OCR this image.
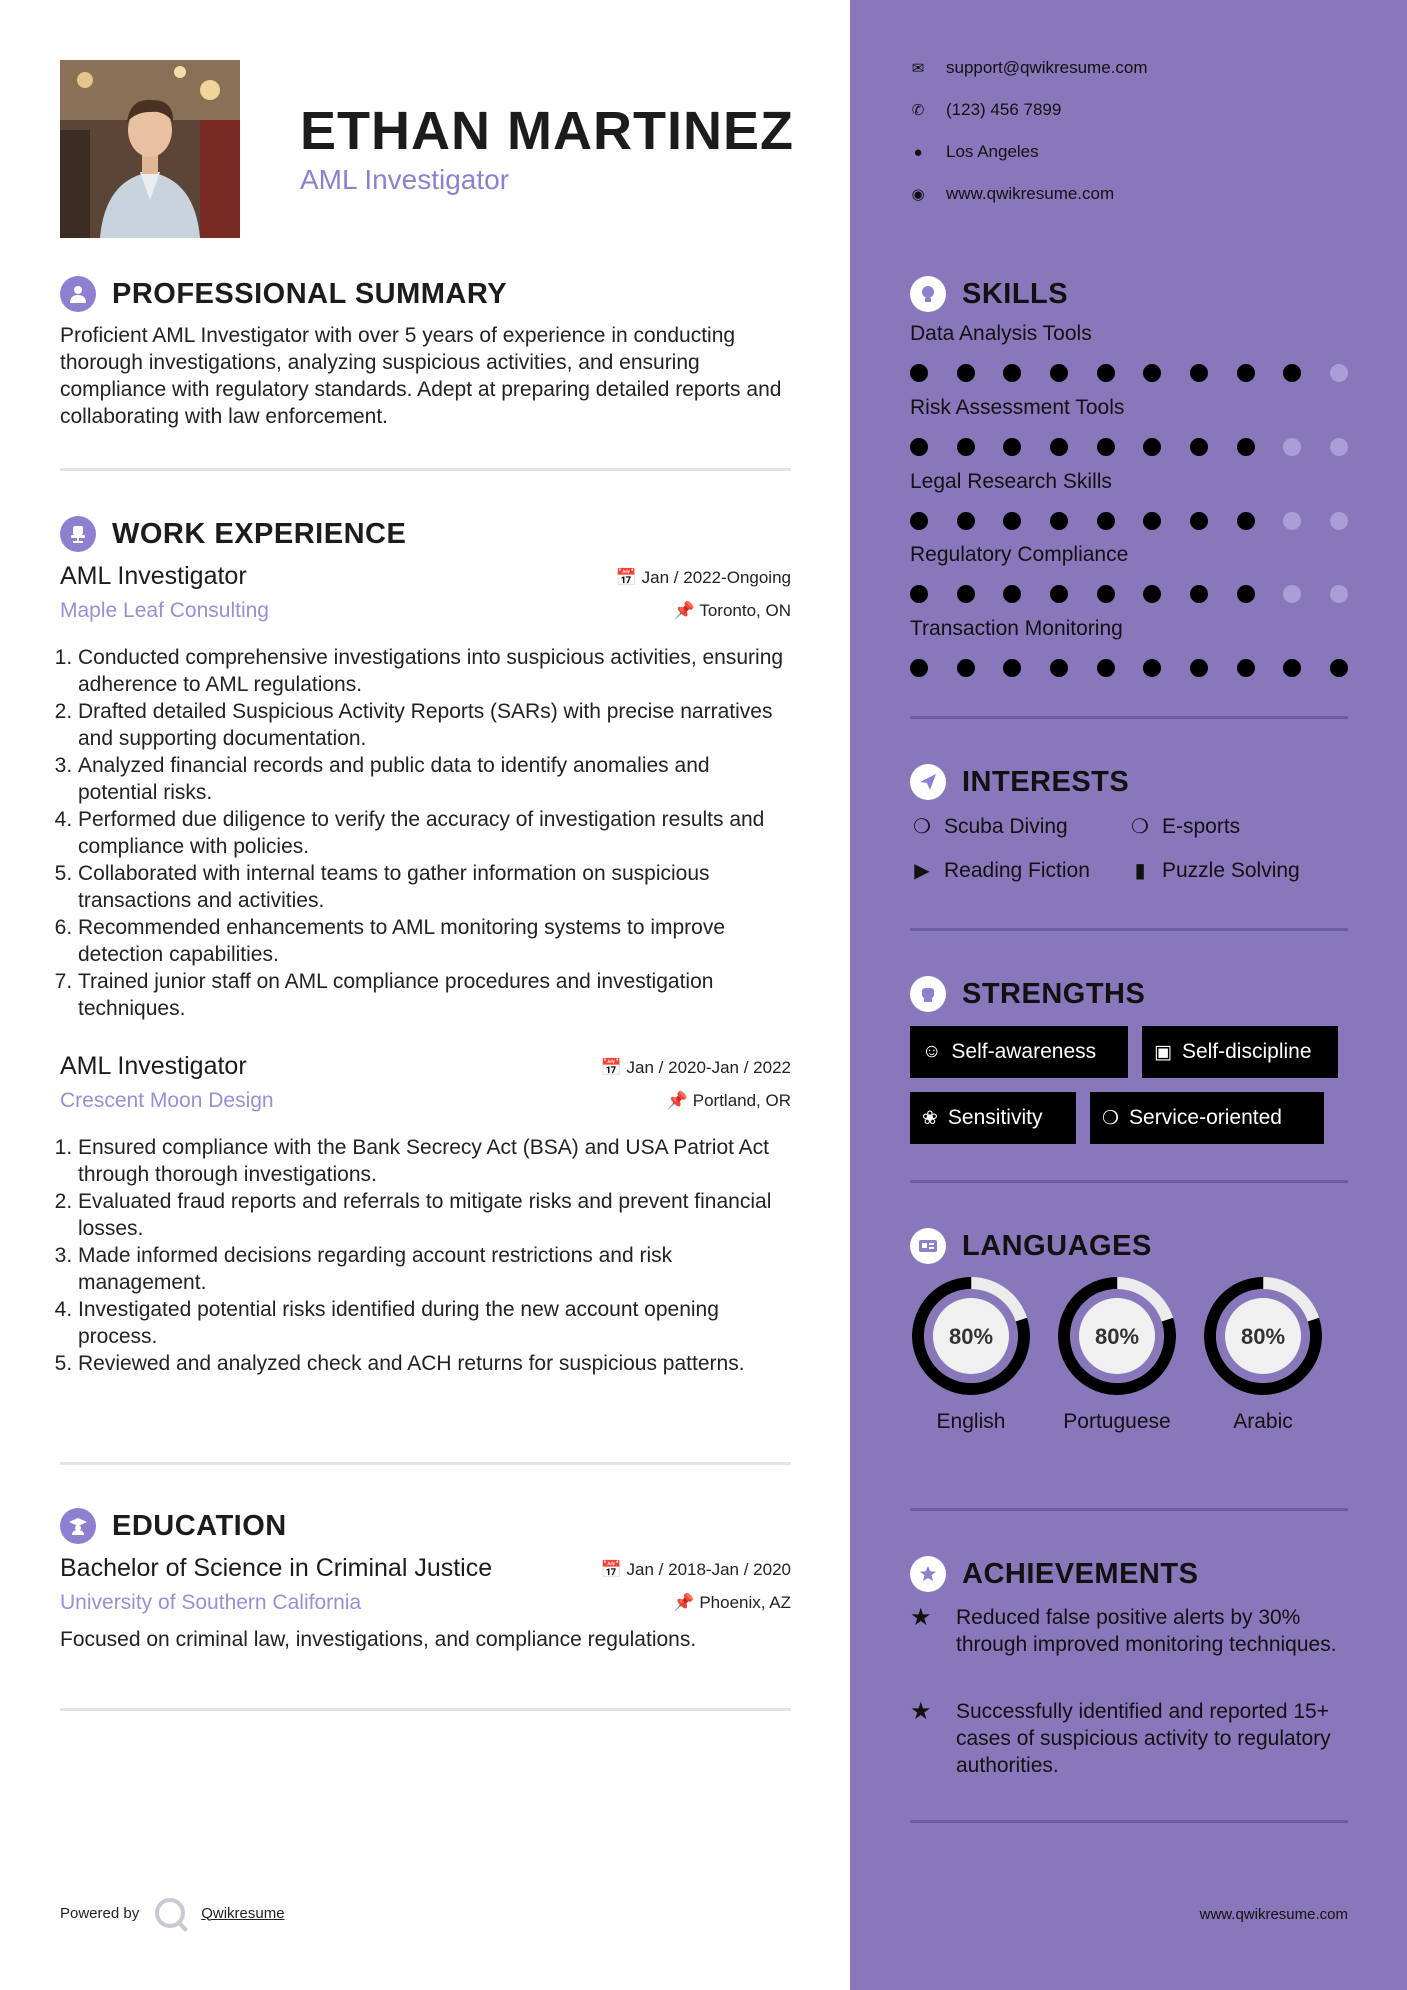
ETHAN MARTINEZ
AML Investigator
PROFESSIONAL SUMMARY
Proficient AML Investigator with over 5 years of experience in conducting thorough investigations, analyzing suspicious activities, and ensuring compliance with regulatory standards. Adept at preparing detailed reports and collaborating with law enforcement.
WORK EXPERIENCE
AML Investigator
Maple Leaf Consulting
📅 Jan / 2022-Ongoing
📌 Toronto, ON
1. Conducted comprehensive investigations into suspicious activities, ensuring adherence to AML regulations.
2. Drafted detailed Suspicious Activity Reports (SARs) with precise narratives and supporting documentation.
3. Analyzed financial records and public data to identify anomalies and potential risks.
4. Performed due diligence to verify the accuracy of investigation results and compliance with policies.
5. Collaborated with internal teams to gather information on suspicious transactions and activities.
6. Recommended enhancements to AML monitoring systems to improve detection capabilities.
7. Trained junior staff on AML compliance procedures and investigation techniques.
AML Investigator
Crescent Moon Design
📅 Jan / 2020-Jan / 2022
📌 Portland, OR
1. Ensured compliance with the Bank Secrecy Act (BSA) and USA Patriot Act through thorough investigations.
2. Evaluated fraud reports and referrals to mitigate risks and prevent financial losses.
3. Made informed decisions regarding account restrictions and risk management.
4. Investigated potential risks identified during the new account opening process.
5. Reviewed and analyzed check and ACH returns for suspicious patterns.
EDUCATION
Bachelor of Science in Criminal Justice
University of Southern California
📅 Jan / 2018-Jan / 2020
📌 Phoenix, AZ
Focused on criminal law, investigations, and compliance regulations.
Powered by	Qwikresume
✉ support@qwikresume.com
✆ (123) 456 7899
● Los Angeles
◉ www.qwikresume.com
SKILLS
Data Analysis Tools
Risk Assessment Tools
Legal Research Skills
Regulatory Compliance
Transaction Monitoring
INTERESTS
❍ Scuba Diving	❍ E-sports
▶ Reading Fiction	▮ Puzzle Solving
STRENGTHS
☺ Self-awareness	▣ Self-discipline
❀ Sensitivity	❍ Service-oriented
LANGUAGES
80%
English
80%
Portuguese
80%
Arabic
ACHIEVEMENTS
★	Reduced false positive alerts by 30% through improved monitoring techniques.
★	Successfully identified and reported 15+ cases of suspicious activity to regulatory authorities.
www.qwikresume.com
